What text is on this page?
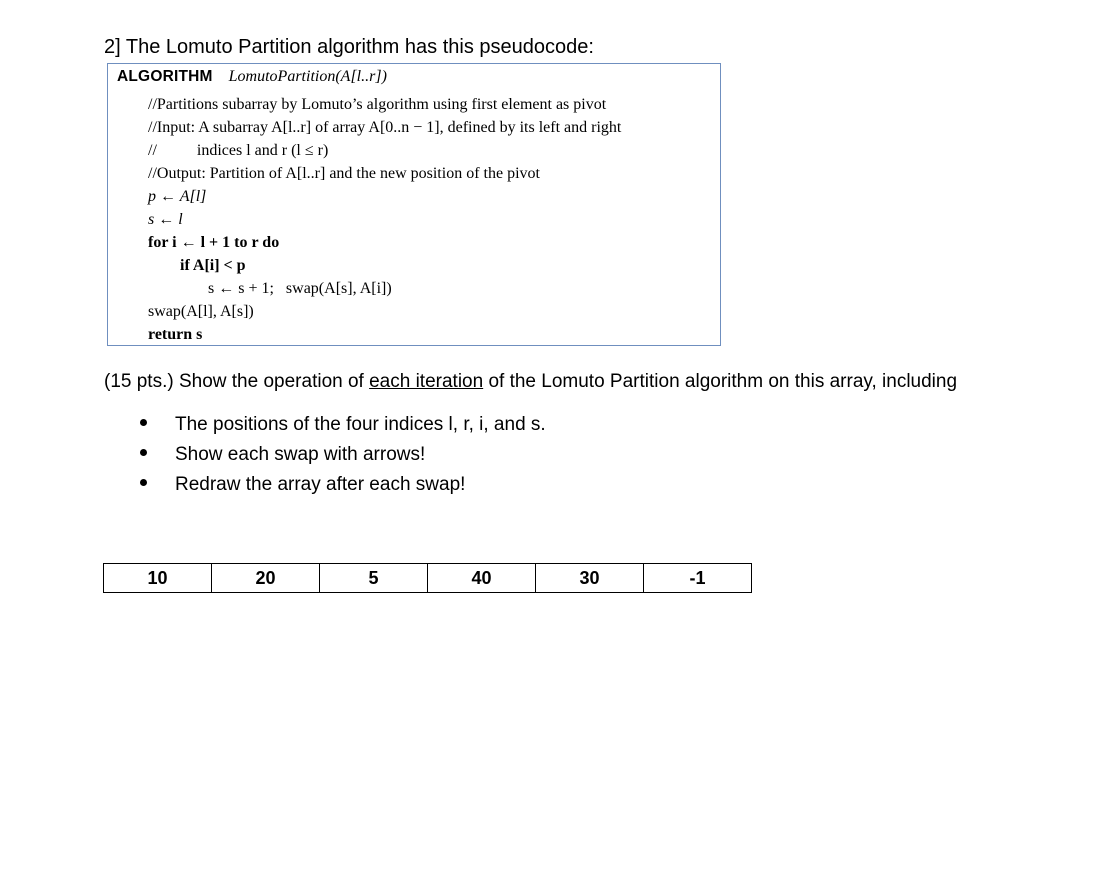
2] The Lomuto Partition algorithm has this pseudocode:
ALGORITHM LomutoPartition(A[l..r])
//Partitions subarray by Lomuto’s algorithm using first element as pivot
//Input: A subarray A[l..r] of array A[0..n − 1], defined by its left and right
//          indices l and r (l ≤ r)
//Output: Partition of A[l..r] and the new position of the pivot
p ← A[l]
s ← l
for i ← l + 1 to r do
if A[i] < p
s ← s + 1;   swap(A[s], A[i])
swap(A[l], A[s])
return s
(15 pts.) Show the operation of each iteration of the Lomuto Partition algorithm on this array, including
The positions of the four indices l, r, i, and s.
Show each swap with arrows!
Redraw the array after each swap!
10	20	5	40	30	-1
